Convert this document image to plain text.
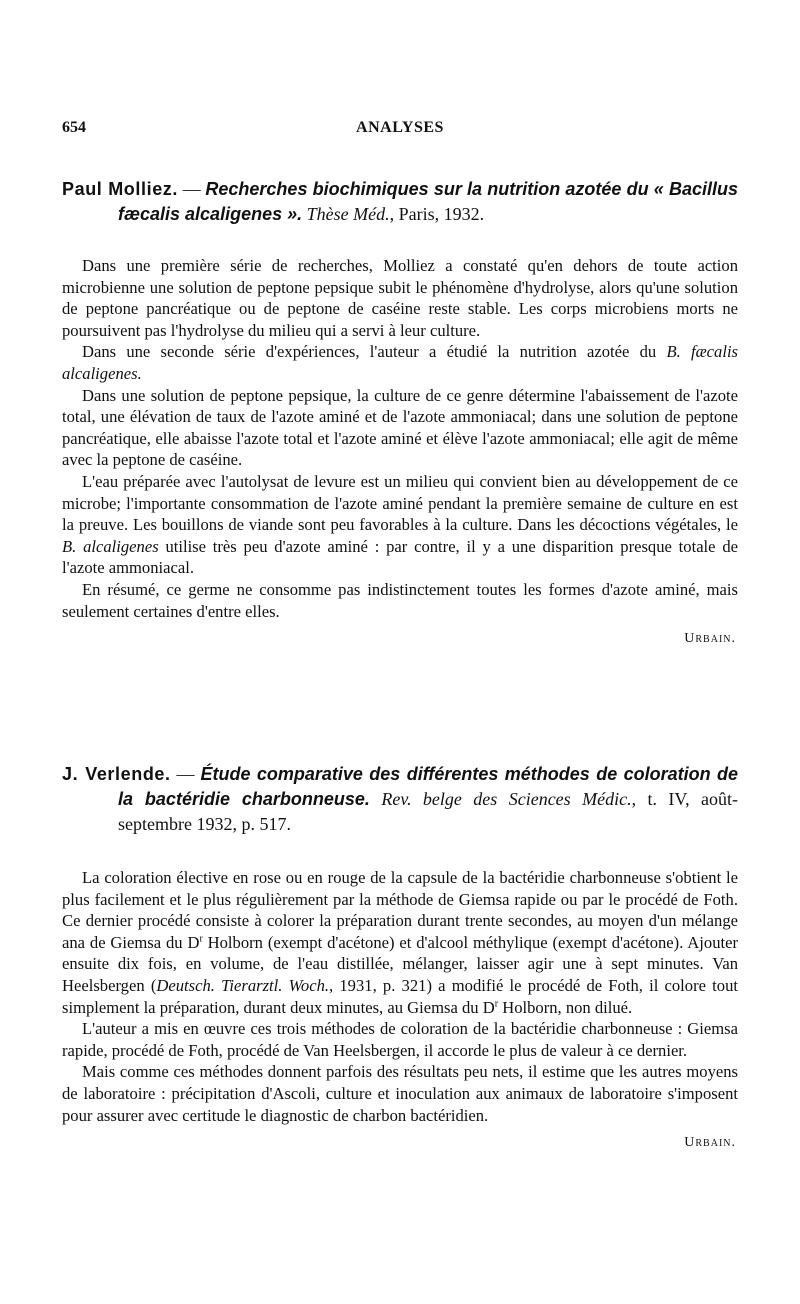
654	ANALYSES
Paul Molliez. — Recherches biochimiques sur la nutrition azotée du « Bacillus fæcalis alcaligenes ». Thèse Méd., Paris, 1932.

Dans une première série de recherches, Molliez a constaté qu'en dehors de toute action microbienne une solution de peptone pepsique subit le phénomène d'hydrolyse, alors qu'une solution de peptone pancréatique ou de peptone de caséine reste stable. Les corps microbiens morts ne poursuivent pas l'hydrolyse du milieu qui a servi à leur culture.

Dans une seconde série d'expériences, l'auteur a étudié la nutrition azotée du B. fæcalis alcaligenes.

Dans une solution de peptone pepsique, la culture de ce genre détermine l'abaissement de l'azote total, une élévation de taux de l'azote aminé et de l'azote ammoniacal; dans une solution de peptone pancréatique, elle abaisse l'azote total et l'azote aminé et élève l'azote ammoniacal; elle agit de même avec la peptone de caséine.

L'eau préparée avec l'autolysat de levure est un milieu qui convient bien au développement de ce microbe; l'importante consommation de l'azote aminé pendant la première semaine de culture en est la preuve. Les bouillons de viande sont peu favorables à la culture. Dans les décoctions végétales, le B. alcaligenes utilise très peu d'azote aminé : par contre, il y a une disparition presque totale de l'azote ammoniacal.

En résumé, ce germe ne consomme pas indistinctement toutes les formes d'azote aminé, mais seulement certaines d'entre elles.

Urbain.
J. Verlende. — Étude comparative des différentes méthodes de coloration de la bactéridie charbonneuse. Rev. belge des Sciences Médic., t. IV, août-septembre 1932, p. 517.

La coloration élective en rose ou en rouge de la capsule de la bactéridie charbonneuse s'obtient le plus facilement et le plus régulièrement par la méthode de Giemsa rapide ou par le procédé de Foth. Ce dernier procédé consiste à colorer la préparation durant trente secondes, au moyen d'un mélange ana de Giemsa du $D^r$ Holborn (exempt d'acétone) et d'alcool méthylique (exempt d'acétone). Ajouter ensuite dix fois, en volume, de l'eau distillée, mélanger, laisser agir une à sept minutes. Van Heelsbergen (Deutsch. Tierarztl. Woch., 1931, p. 321) a modifié le procédé de Foth, il colore tout simplement la préparation, durant deux minutes, au Giemsa du $D^r$ Holborn, non dilué.

L'auteur a mis en œuvre ces trois méthodes de coloration de la bactéridie charbonneuse : Giemsa rapide, procédé de Foth, procédé de Van Heelsbergen, il accorde le plus de valeur à ce dernier.

Mais comme ces méthodes donnent parfois des résultats peu nets, il estime que les autres moyens de laboratoire : précipitation d'Ascoli, culture et inoculation aux animaux de laboratoire s'imposent pour assurer avec certitude le diagnostic de charbon bactéridien.

Urbain.
